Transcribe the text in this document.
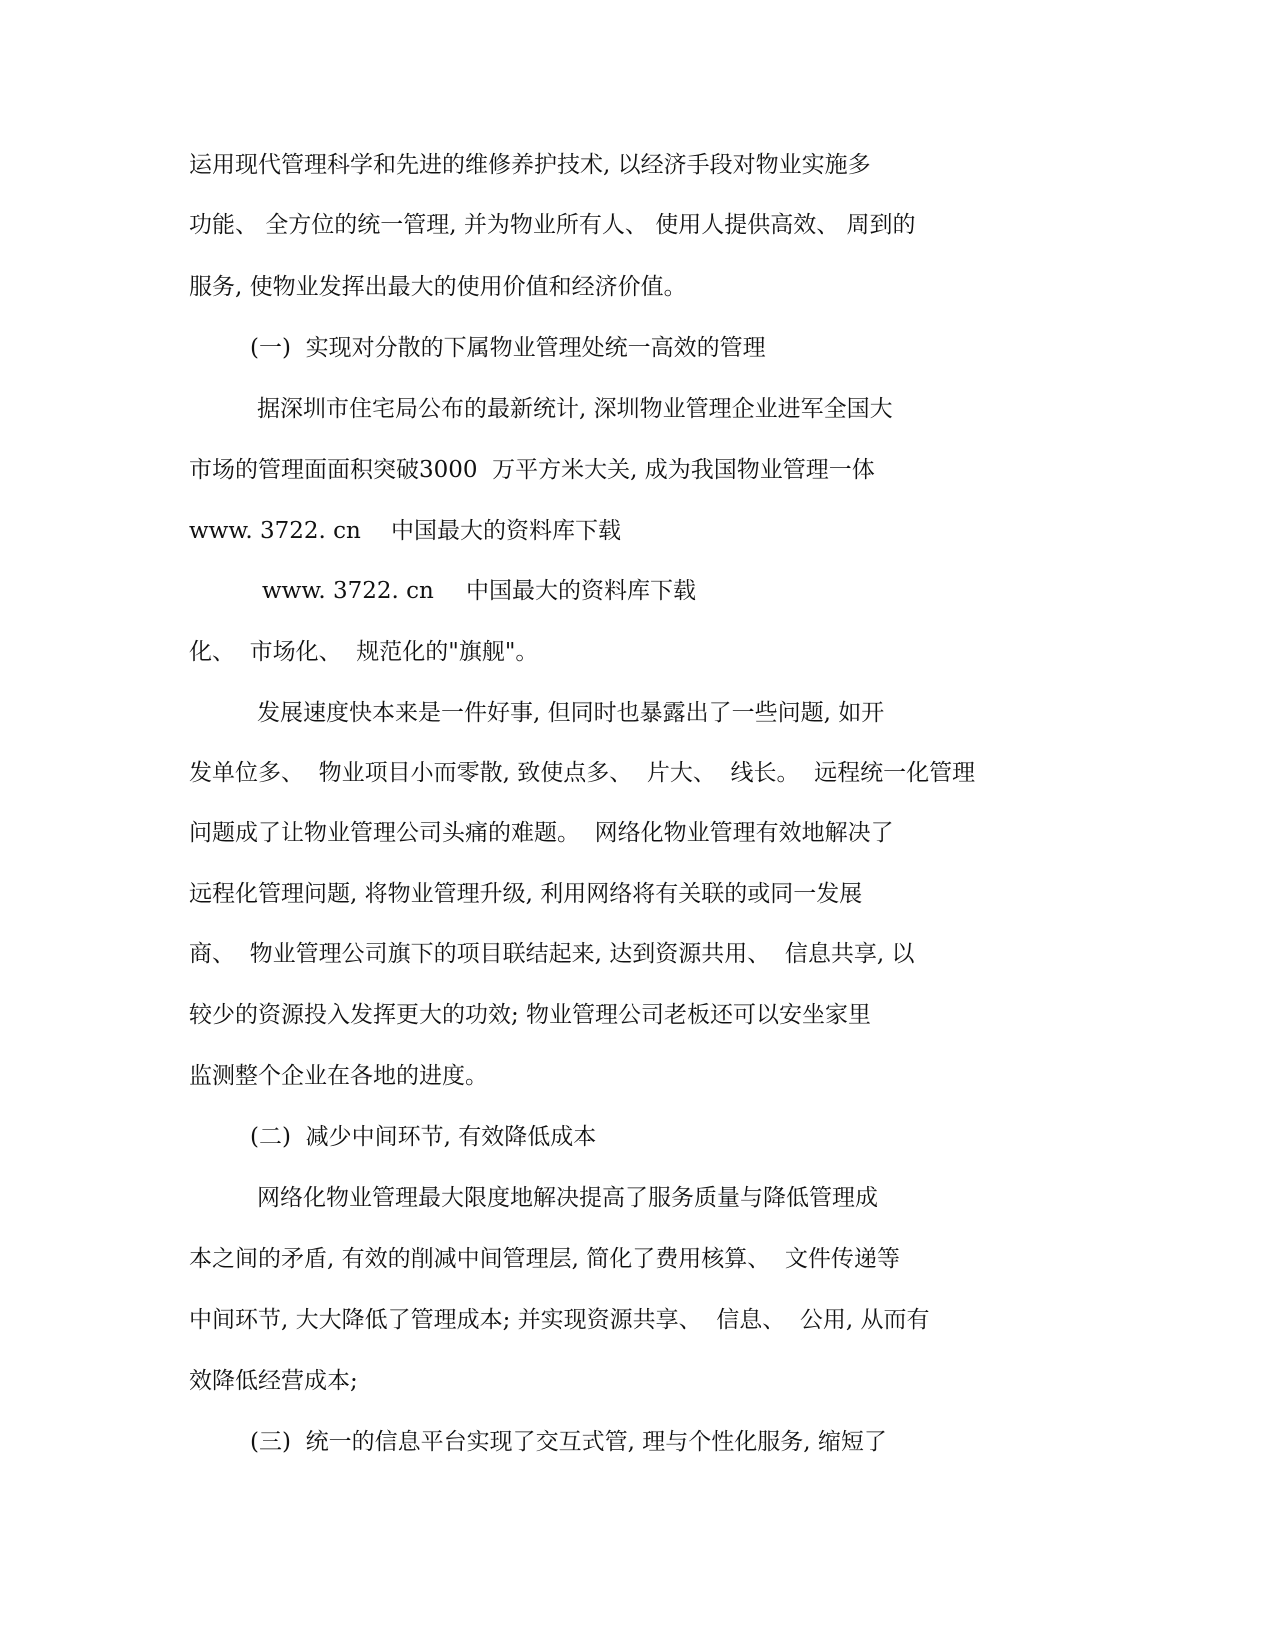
运用现代管理科学和先进的维修养护技术, 以经济手段对物业实施多
功能、 全方位的统一管理, 并为物业所有人、 使用人提供高效、 周到的
服务, 使物业发挥出最大的使用价值和经济价值。
(一)  实现对分散的下属物业管理处统一高效的管理
据深圳市住宅局公布的最新统计, 深圳物业管理企业进军全国大
市场的管理面面积突破3000  万平方米大关, 成为我国物业管理一体
www. 3722. cn 中国最大的资料库下载
www. 3722. cn 中国最大的资料库下载
化、  市场化、  规范化的"旗舰"。
发展速度快本来是一件好事, 但同时也暴露出了一些问题, 如开
发单位多、  物业项目小而零散, 致使点多、  片大、  线长。  远程统一化管理
问题成了让物业管理公司头痛的难题。  网络化物业管理有效地解决了
远程化管理问题, 将物业管理升级, 利用网络将有关联的或同一发展
商、  物业管理公司旗下的项目联结起来, 达到资源共用、  信息共享, 以
较少的资源投入发挥更大的功效; 物业管理公司老板还可以安坐家里
监测整个企业在各地的进度。
(二)  减少中间环节, 有效降低成本
网络化物业管理最大限度地解决提高了服务质量与降低管理成
本之间的矛盾, 有效的削减中间管理层, 简化了费用核算、  文件传递等
中间环节, 大大降低了管理成本; 并实现资源共享、  信息、  公用, 从而有
效降低经营成本;
(三)  统一的信息平台实现了交互式管, 理与个性化服务, 缩短了
